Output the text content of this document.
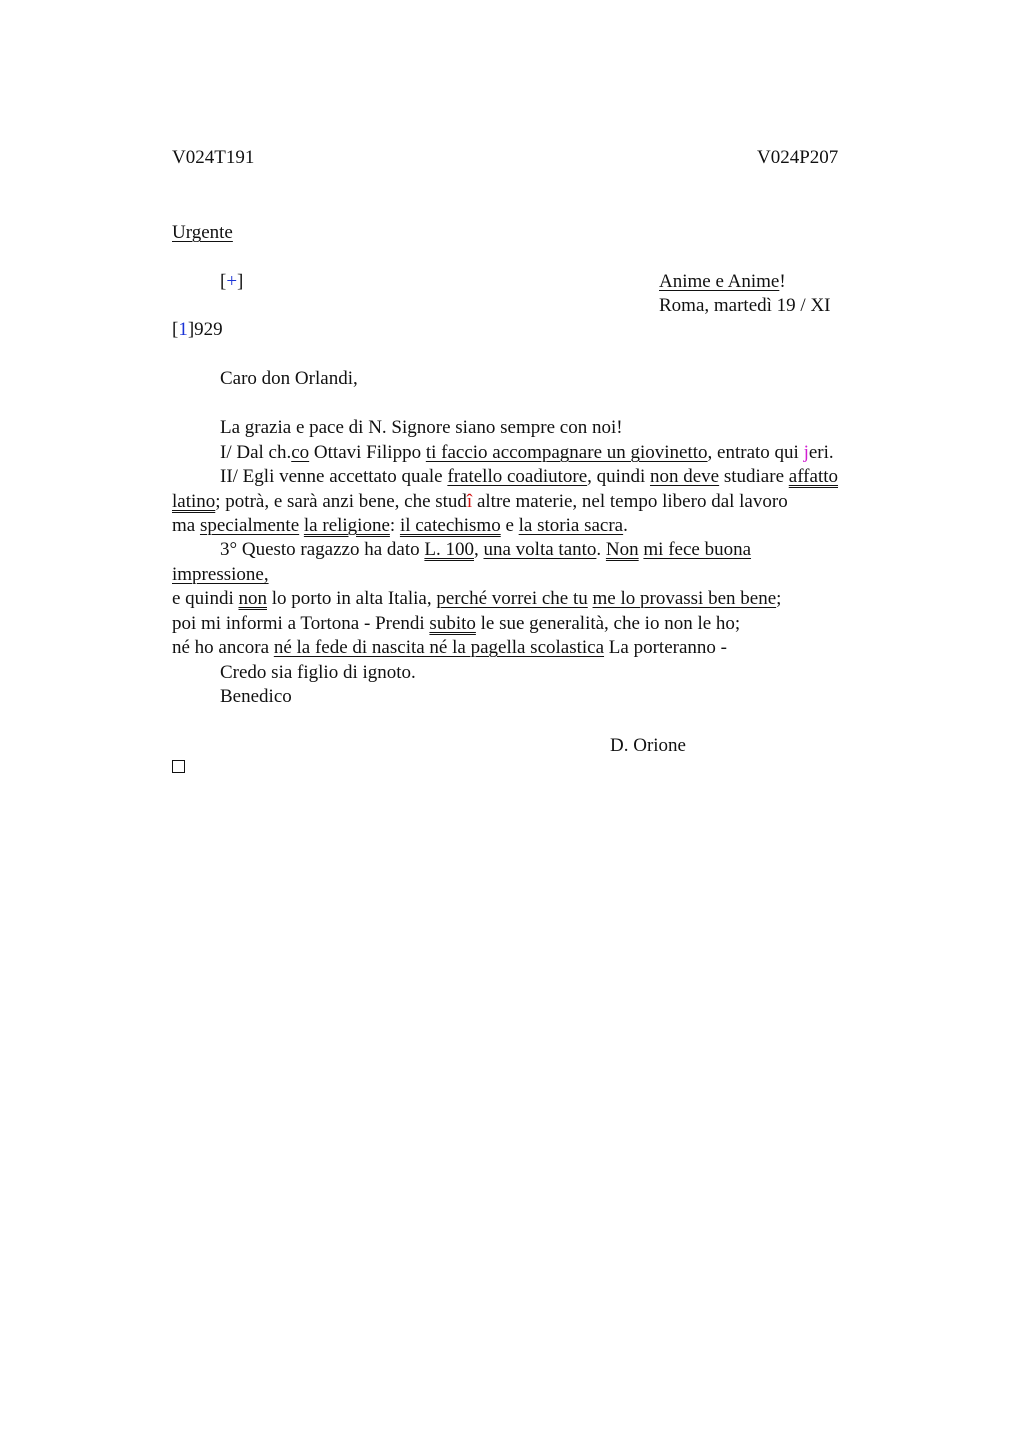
V024T191	V024P207
Urgente
[+]	Anime e Anime!
Roma, martedì 19 / XI
[1]929
Caro don Orlandi,
La grazia e pace di N. Signore siano sempre con noi!
I/ Dal ch.co Ottavi Filippo ti faccio accompagnare un giovinetto, entrato qui jeri.
II/ Egli venne accettato quale fratello coadiutore, quindi non deve studiare affatto
latino; potrà, e sarà anzi bene, che studî altre materie, nel tempo libero dal lavoro
ma specialmente la religione: il catechismo e la storia sacra.
3° Questo ragazzo ha dato L. 100, una volta tanto. Non mi fece buona
impressione,
e quindi non lo porto in alta Italia, perché vorrei che tu me lo provassi ben bene;
poi mi informi a Tortona - Prendi subito le sue generalità, che io non le ho;
né ho ancora né la fede di nascita né la pagella scolastica La porteranno -
Credo sia figlio di ignoto.
Benedico
D. Orione
